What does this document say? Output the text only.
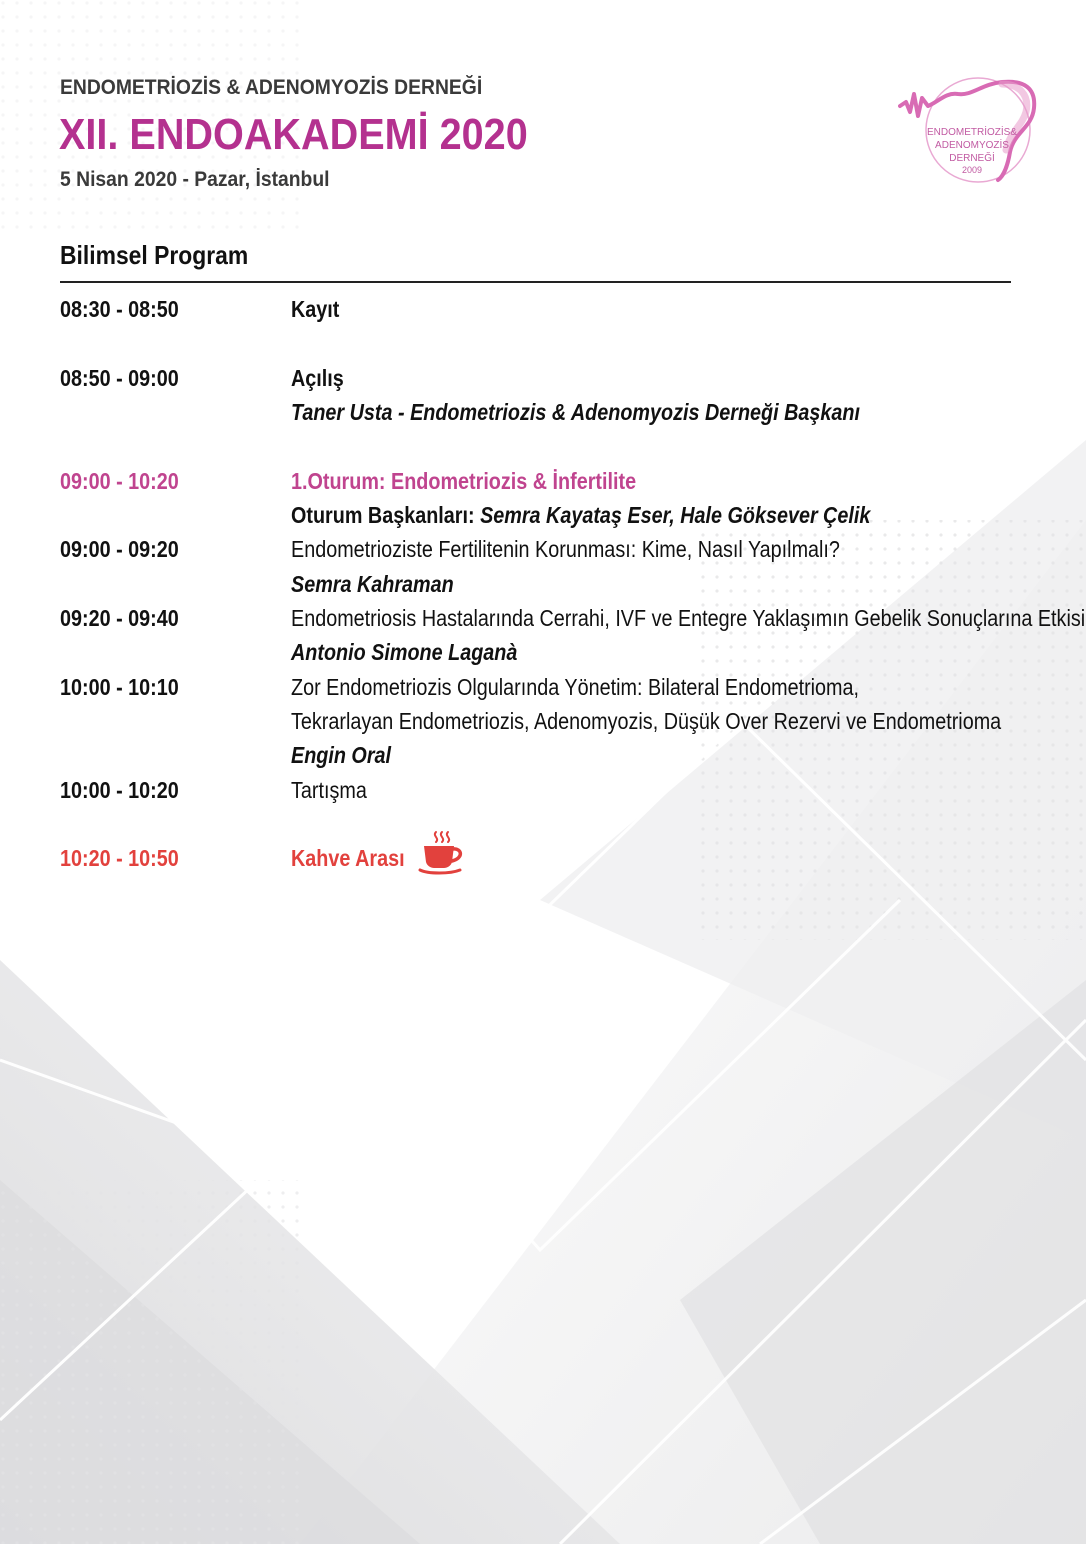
ENDOMETRİOZİS & ADENOMYOZİS DERNEĞİ
XII. ENDOAKADEMİ 2020
5 Nisan 2020 - Pazar, İstanbul
ENDOMETRİOZİS&
ADENOMYOZİS
DERNEĞİ
2009
Bilimsel Program
08:30 - 08:50	Kayıt
08:50 - 09:00	Açılış
Taner Usta - Endometriozis & Adenomyozis Derneği Başkanı
09:00 - 10:20	1.Oturum: Endometriozis & İnfertilite
Oturum Başkanları: Semra Kayataş Eser, Hale Göksever Çelik
09:00 - 09:20	Endometrioziste Fertilitenin Korunması: Kime, Nasıl Yapılmalı?
Semra Kahraman
09:20 - 09:40	Endometriosis Hastalarında Cerrahi, IVF ve Entegre Yaklaşımın Gebelik Sonuçlarına Etkisi
Antonio Simone Laganà
10:00 - 10:10	Zor Endometriozis Olgularında Yönetim: Bilateral Endometrioma,
Tekrarlayan Endometriozis, Adenomyozis, Düşük Over Rezervi ve Endometrioma
Engin Oral
10:00 - 10:20	Tartışma
10:20 - 10:50	Kahve Arası
